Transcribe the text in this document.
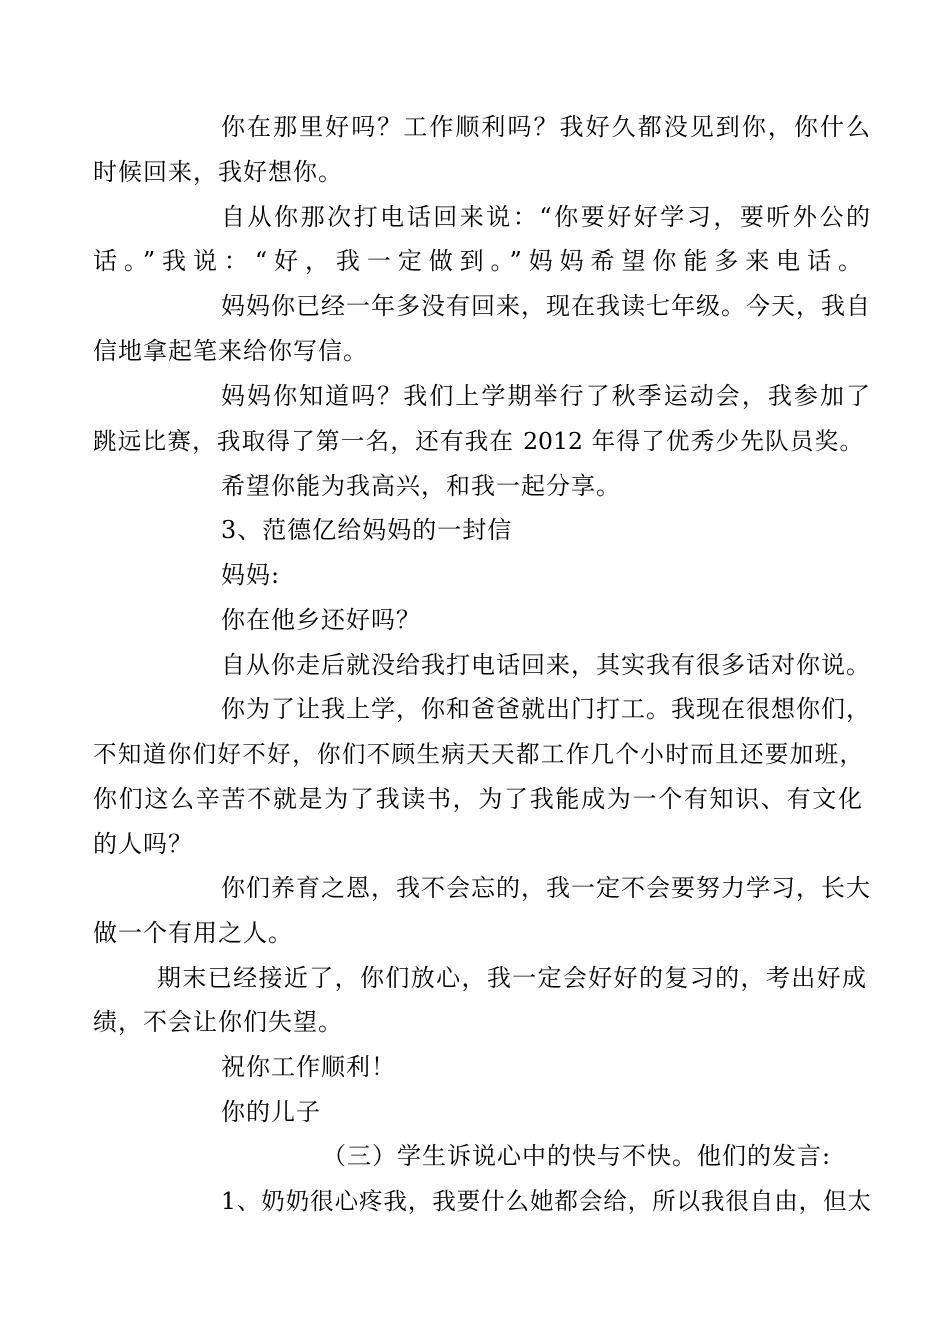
你在那里好吗？工作顺利吗？我好久都没见到你，你什么
时候回来，我好想你。
自从你那次打电话回来说：“你要好好学习，要听外公的
话。”我说：“好，我一定做到。”妈妈希望你能多来电话。
妈妈你已经一年多没有回来，现在我读七年级。今天，我自
信地拿起笔来给你写信。
妈妈你知道吗？我们上学期举行了秋季运动会，我参加了
跳远比赛，我取得了第一名，还有我在 2012 年得了优秀少先队员奖。
希望你能为我高兴，和我一起分享。
3、范德亿给妈妈的一封信
妈妈:
你在他乡还好吗？
自从你走后就没给我打电话回来，其实我有很多话对你说。
你为了让我上学，你和爸爸就出门打工。我现在很想你们，
不知道你们好不好，你们不顾生病天天都工作几个小时而且还要加班，
你们这么辛苦不就是为了我读书，为了我能成为一个有知识、有文化
的人吗？
你们养育之恩，我不会忘的，我一定不会要努力学习，长大
做一个有用之人。
期末已经接近了，你们放心，我一定会好好的复习的，考出好成
绩，不会让你们失望。
祝你工作顺利！
你的儿子
（三）学生诉说心中的快与不快。他们的发言:
1、奶奶很心疼我，我要什么她都会给，所以我很自由，但太
